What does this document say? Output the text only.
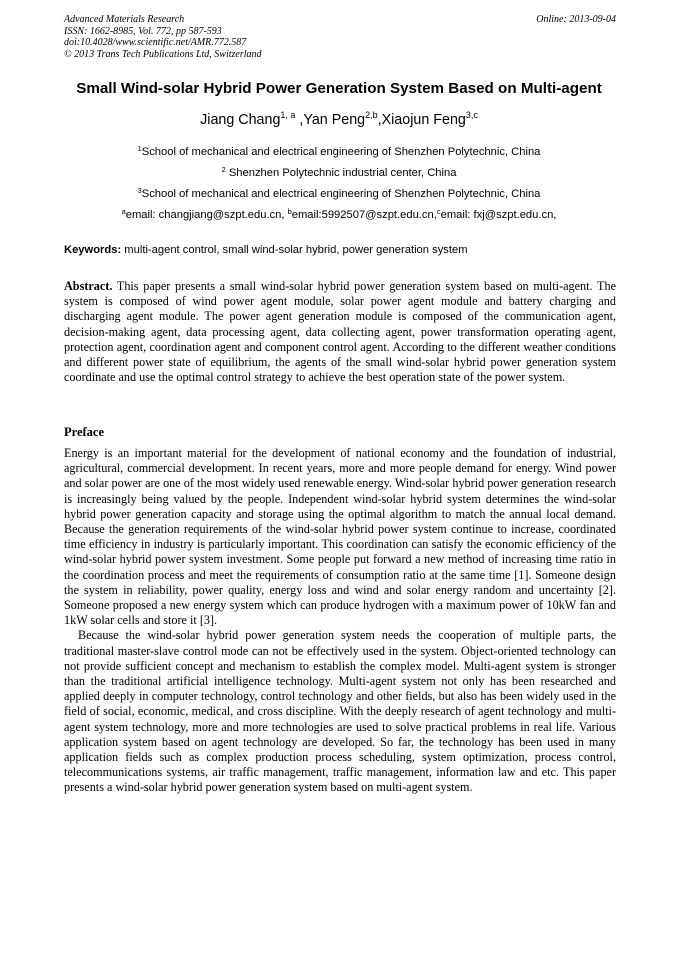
Advanced Materials Research
ISSN: 1662-8985, Vol. 772, pp 587-593
doi:10.4028/www.scientific.net/AMR.772.587
© 2013 Trans Tech Publications Ltd, Switzerland
Online: 2013-09-04
Small Wind-solar Hybrid Power Generation System Based on Multi-agent
Jiang Chang$^{1, a}$ ,Yan Peng$^{2,b}$,Xiaojun Feng$^{3,c}$
$^1$School of mechanical and electrical engineering of Shenzhen Polytechnic, China
$^2$ Shenzhen Polytechnic industrial center, China
$^3$School of mechanical and electrical engineering of Shenzhen Polytechnic, China
$^a$email: changjiang@szpt.edu.cn, $^b$email:5992507@szpt.edu.cn,$^c$email: fxj@szpt.edu.cn,
Keywords: multi-agent control, small wind-solar hybrid, power generation system
Abstract. This paper presents a small wind-solar hybrid power generation system based on multi-agent. The system is composed of wind power agent module, solar power agent module and battery charging and discharging agent module. The power agent generation module is composed of the communication agent, decision-making agent, data processing agent, data collecting agent, power transformation operating agent, protection agent, coordination agent and component control agent. According to the different weather conditions and different power state of equilibrium, the agents of the small wind-solar hybrid power generation system coordinate and use the optimal control strategy to achieve the best operation state of the power system.
Preface
Energy is an important material for the development of national economy and the foundation of industrial, agricultural, commercial development. In recent years, more and more people demand for energy. Wind power and solar power are one of the most widely used renewable energy. Wind-solar hybrid power generation research is increasingly being valued by the people. Independent wind-solar hybrid system determines the wind-solar hybrid power generation capacity and storage using the optimal algorithm to match the annual local demand. Because the generation requirements of the wind-solar hybrid power system continue to increase, coordinated time efficiency in industry is particularly important. This coordination can satisfy the economic efficiency of the wind-solar hybrid power system investment. Some people put forward a new method of increasing time ratio in the coordination process and meet the requirements of consumption ratio at the same time [1]. Someone design the system in reliability, power quality, energy loss and wind and solar energy random and uncertainty [2]. Someone proposed a new energy system which can produce hydrogen with a maximum power of 10kW fan and 1kW solar cells and store it [3].
Because the wind-solar hybrid power generation system needs the cooperation of multiple parts, the traditional master-slave control mode can not be effectively used in the system. Object-oriented technology can not provide sufficient concept and mechanism to establish the complex model. Multi-agent system is stronger than the traditional artificial intelligence technology. Multi-agent system not only has been researched and applied deeply in computer technology, control technology and other fields, but also has been widely used in the field of social, economic, medical, and cross discipline. With the deeply research of agent technology and multi-agent system technology, more and more technologies are used to solve practical problems in real life. Various application system based on agent technology are developed. So far, the technology has been used in many application fields such as complex production process scheduling, system optimization, process control, telecommunications systems, air traffic management, traffic management, information law and etc. This paper presents a wind-solar hybrid power generation system based on multi-agent system.
